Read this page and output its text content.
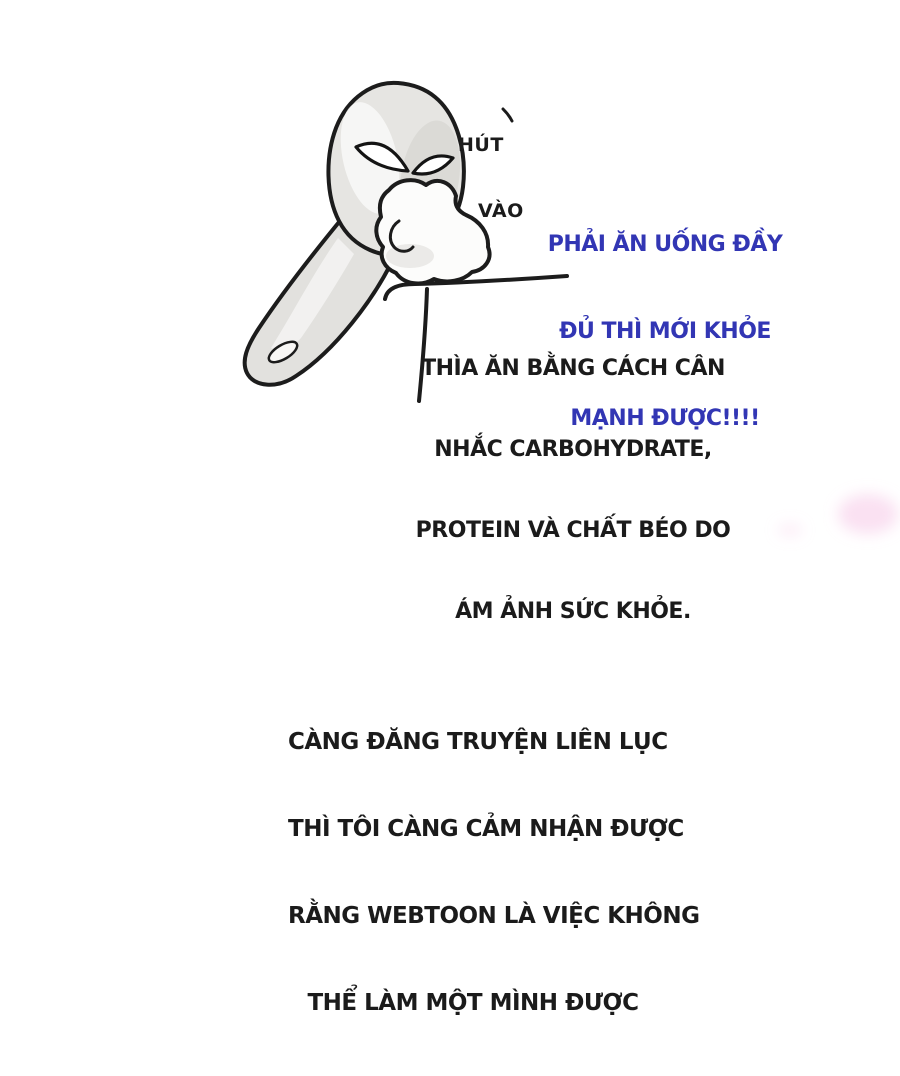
HÚT

VÀO

PHẢI ĂN UỐNG ĐẦY

ĐỦ THÌ MỚI KHỎE

MẠNH ĐƯỢC!!!!

THÌA ĂN BẰNG CÁCH CÂN

NHẮC CARBOHYDRATE,

PROTEIN VÀ CHẤT BÉO DO

ÁM ẢNH SỨC KHỎE.

CÀNG ĐĂNG TRUYỆN LIÊN LỤC

THÌ TÔI CÀNG CẢM NHẬN ĐƯỢC

RẰNG WEBTOON LÀ VIỆC KHÔNG

THỂ LÀM MỘT MÌNH ĐƯỢC
